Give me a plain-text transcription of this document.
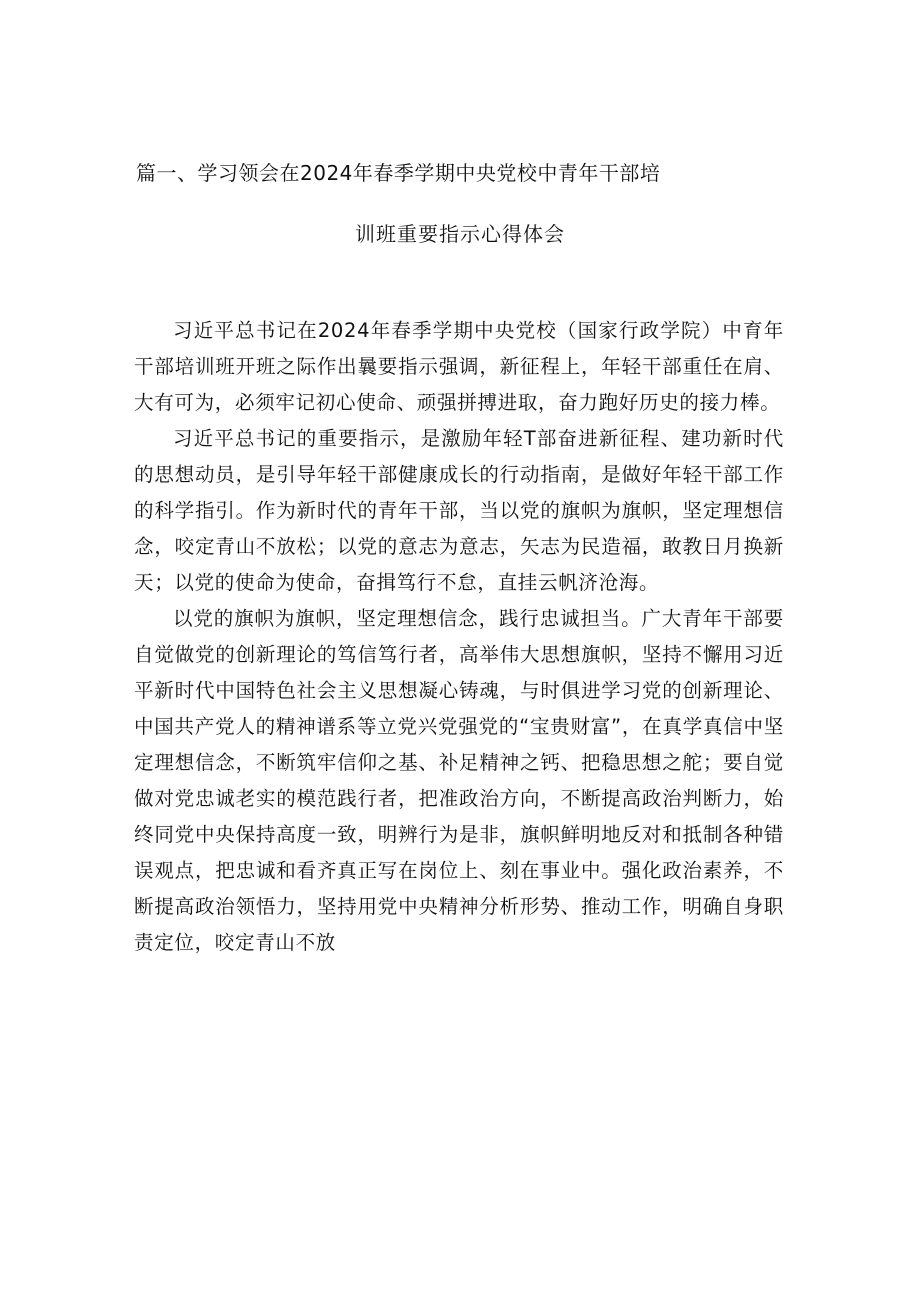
篇一、学习领会在2024年春季学期中央党校中青年干部培
训班重要指示心得体会

习近平总书记在2024年春季学期中央党校（国家行政学院）中育年干部培训班开班之际作出曩要指示强调，新征程上，年轻干部重任在肩、大有可为，必须牢记初心使命、顽强拼搏进取，奋力跑好历史的接力棒。

习近平总书记的重要指示，是激励年轻T部奋进新征程、建功新时代的思想动员，是引导年轻干部健康成长的行动指南，是做好年轻干部工作的科学指引。作为新时代的青年干部，当以党的旗帜为旗帜，坚定理想信念，咬定青山不放松；以党的意志为意志，矢志为民造福，敢教日月换新天；以党的使命为使命，奋揖笃行不怠，直挂云帆济沧海。

以党的旗帜为旗帜，坚定理想信念，践行忠诚担当。广大青年干部要自觉做党的创新理论的笃信笃行者，高举伟大思想旗帜，坚持不懈用习近平新时代中国特色社会主义思想凝心铸魂，与时俱进学习党的创新理论、中国共产党人的精神谱系等立党兴党强党的“宝贵财富”，在真学真信中坚定理想信念，不断筑牢信仰之基、补足精神之钙、把稳思想之舵；要自觉做对党忠诚老实的模范践行者，把准政治方向，不断提高政治判断力，始终同党中央保持高度一致，明辨行为是非，旗帜鲜明地反对和抵制各种错误观点，把忠诚和看齐真正写在岗位上、刻在事业中。强化政治素养，不断提高政治领悟力，坚持用党中央精神分析形势、推动工作，明确自身职责定位，咬定青山不放
